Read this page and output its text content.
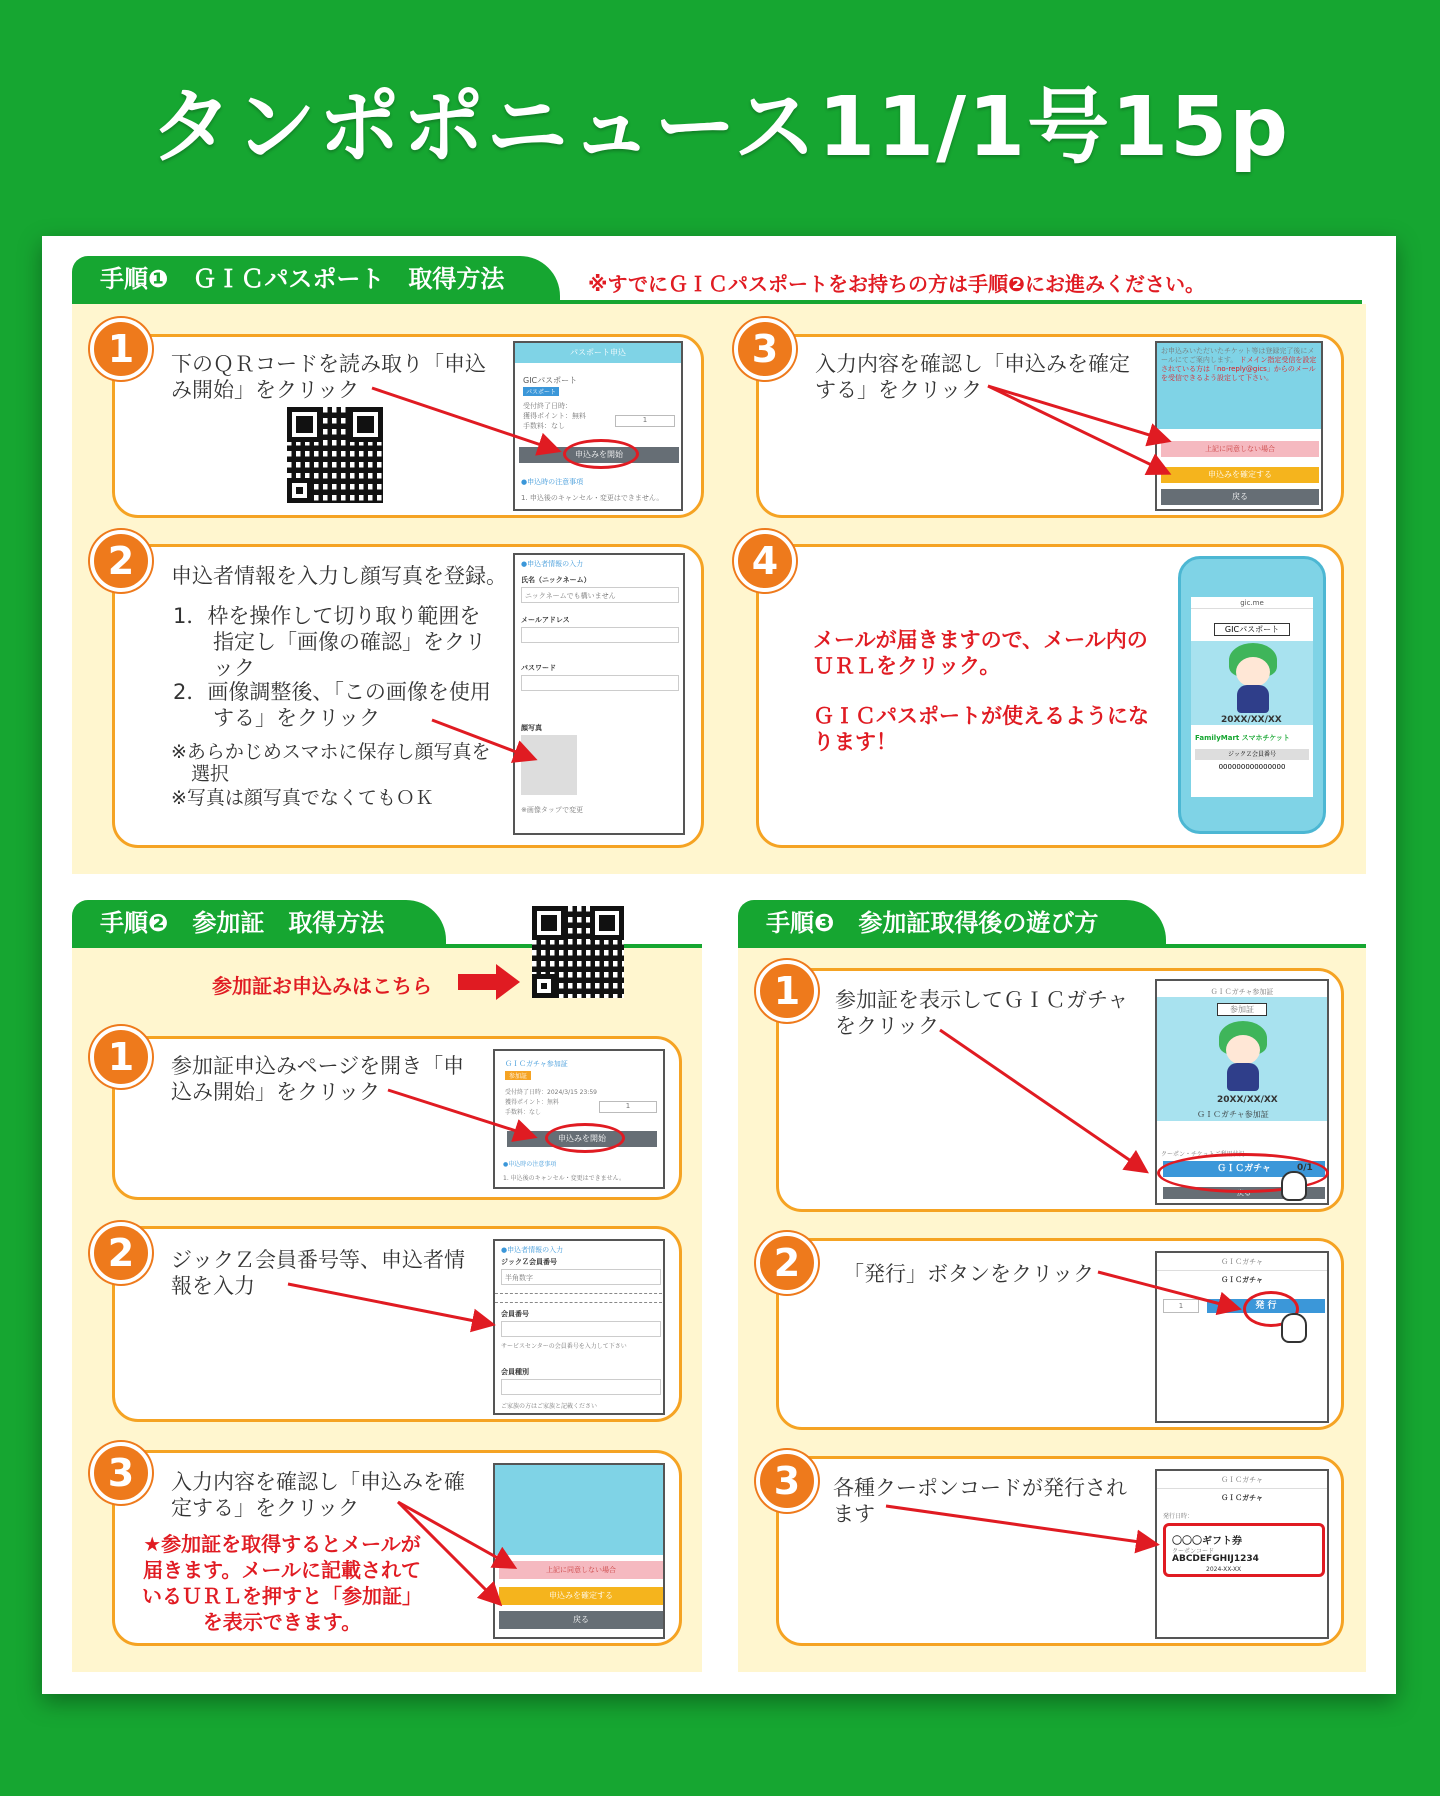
タンポポニュース11/1号15p
手順❶　ＧＩＣパスポート　取得方法	※すでにＧＩＣパスポートをお持ちの方は手順❷にお進みください。
下のＱＲコードを読み取り「申込み開始」をクリック
パスポート申込
GICパスポート
パスポート
受付終了日時：
獲得ポイント：無料
手数料：なし
1
申込みを開始
●申込時の注意事項
1. 申込後のキャンセル・変更はできません。
1
申込者情報を入力し顔写真を登録。
1．枠を操作して切り取り範囲を指定し「画像の確認」をクリック
2．画像調整後、「この画像を使用する」をクリック
※あらかじめスマホに保存し顔写真を選択
※写真は顔写真でなくてもＯＫ
●申込者情報の入力
氏名（ニックネーム）
ニックネームでも構いません
メールアドレス
パスワード
顔写真
※画像タップで変更
2
入力内容を確認し「申込みを確定する」をクリック
お申込みいただいたチケット等は登録完了後にメールにてご案内します。 ドメイン指定受信を設定されている方は「no-reply@gics」からのメールを受信できるよう設定して下さい。
上記に同意しない場合
申込みを確定する
戻る
3
メールが届きますので、メール内のＵＲＬをクリック。
ＧＩＣパスポートが使えるようになります！
4
gic.me
GICパスポート
20XX/XX/XX
FamilyMart スマホチケット
ジックＺ会員番号
000000000000000
手順❷　参加証　取得方法
参加証お申込みはこちら
参加証申込みページを開き「申込み開始」をクリック
ＧＩＣガチャ参加証
参加証
受付終了日時：2024/3/15 23:59
獲得ポイント：無料
手数料：なし
1
申込みを開始
●申込時の注意事項
1. 申込後のキャンセル・変更はできません。
1
ジックＺ会員番号等、申込者情報を入力
●申込者情報の入力
ジックＺ会員番号
半角数字
会員番号
サービスセンターの会員番号を入力して下さい
会員種別
ご家族の方はご家族と記載ください
2
入力内容を確認し「申込みを確定する」をクリック
★参加証を取得するとメールが届きます。メールに記載されているＵＲＬを押すと「参加証」を表示できます。
上記に同意しない場合
申込みを確定する
戻る
3
手順❸　参加証取得後の遊び方
参加証を表示してＧＩＣガチャをクリック
ＧＩＣガチャ参加証
参加証
20XX/XX/XX
ＧＩＣガチャ参加証
クーポン・チケットご利用状況
ＧＩＣガチャ	0/1
戻る
1
「発行」ボタンをクリック	ＧＩＣガチャ
ＧＩＣガチャ
1	発 行
2
各種クーポンコードが発行されます
ＧＩＣガチャ
ＧＩＣガチャ
発行日時：
〇〇〇ギフト券
クーポンコード
ABCDEFGHIJ1234
2024-XX-XX
3
